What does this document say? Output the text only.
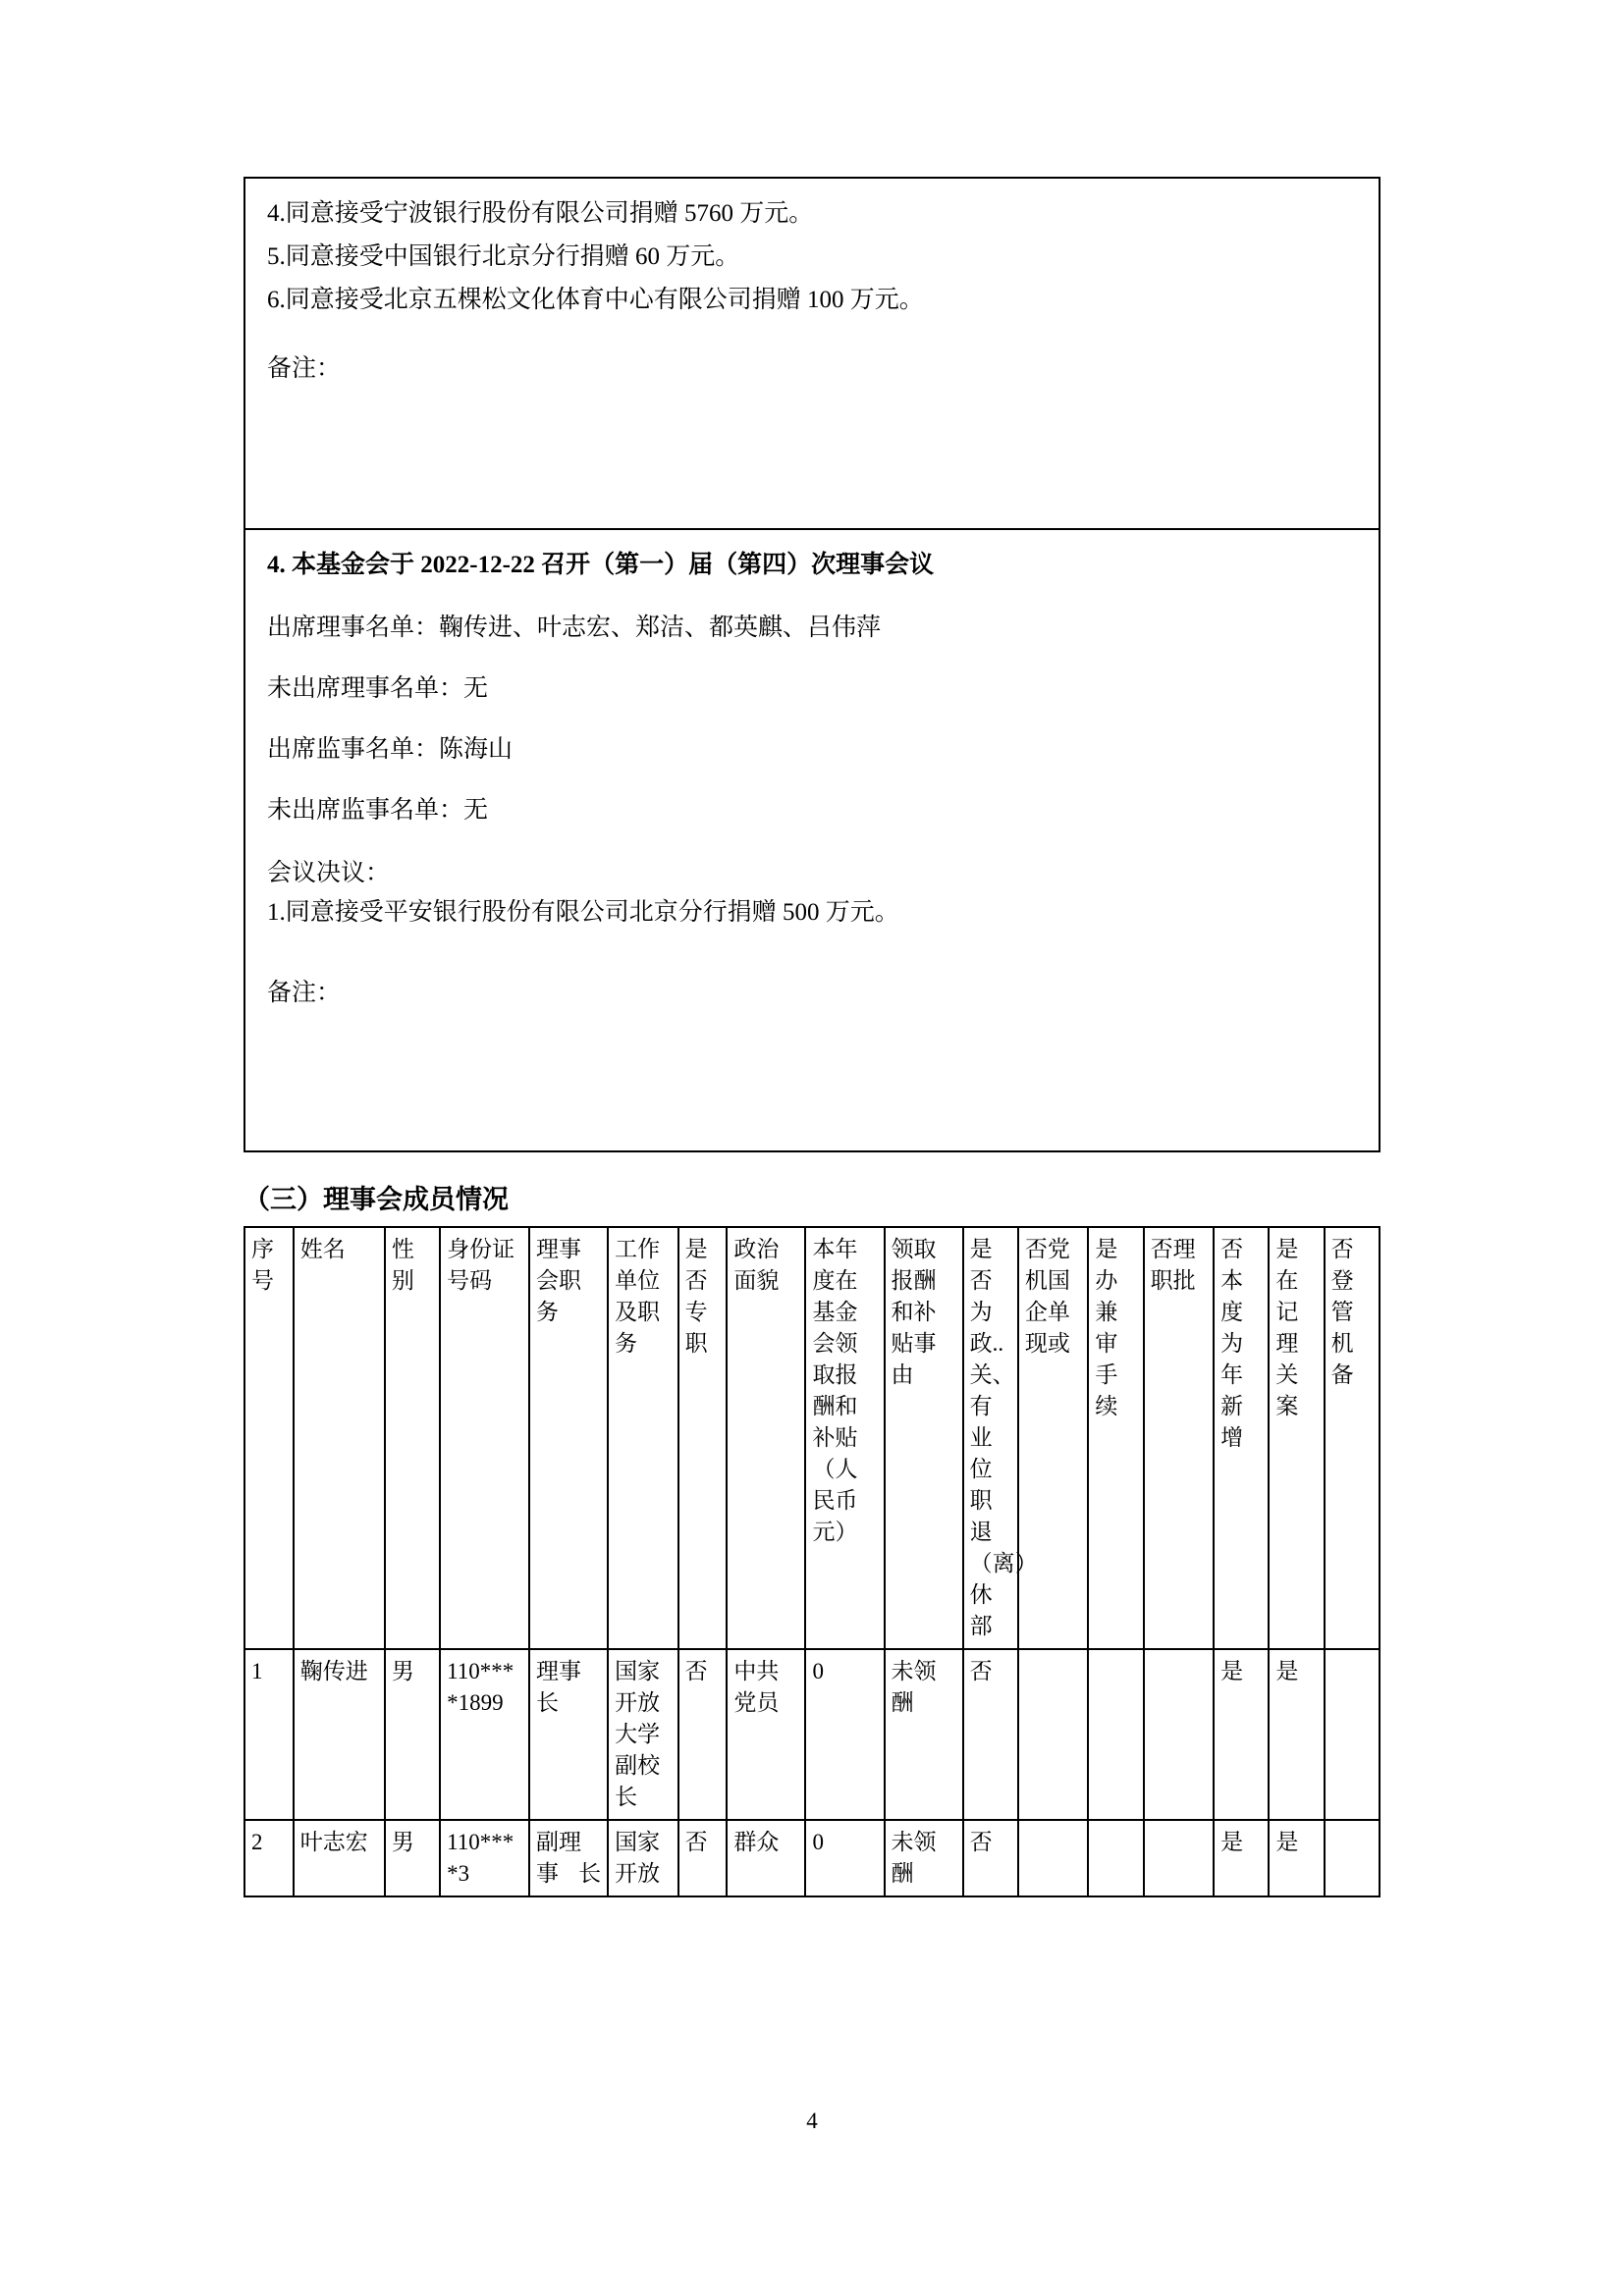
4.同意接受宁波银行股份有限公司捐赠 5760 万元。
5.同意接受中国银行北京分行捐赠 60 万元。
6.同意接受北京五棵松文化体育中心有限公司捐赠 100 万元。
备注：
4. 本基金会于 2022-12-22 召开（第一）届（第四）次理事会议
出席理事名单：鞠传进、叶志宏、郑洁、都英麒、吕伟萍
未出席理事名单：无
出席监事名单：陈海山
未出席监事名单：无
会议决议：
1.同意接受平安银行股份有限公司北京分行捐赠 500 万元。
备注：
（三）理事会成员情况
序号	姓名	性别	身份证号码	理事会职务	工作单位及职务	是否专职	政治面貌	本年度在基金会领取报酬和补贴（人民币元）	领取报酬和补贴事由	是否为政..关、有业位职退（离）休部	否党机国企单现或	是办兼审手续	否理职批	否本度为年新增	是在记理关案	否登管机备
1	鞠传进	男	110****1899	理事长	国家开放大学副校长	否	中共党员	0	未领酬	否				是	是	
2	叶志宏	男	110****3	副理事长	国家开放	否	群众	0	未领酬	否				是	是	
4
